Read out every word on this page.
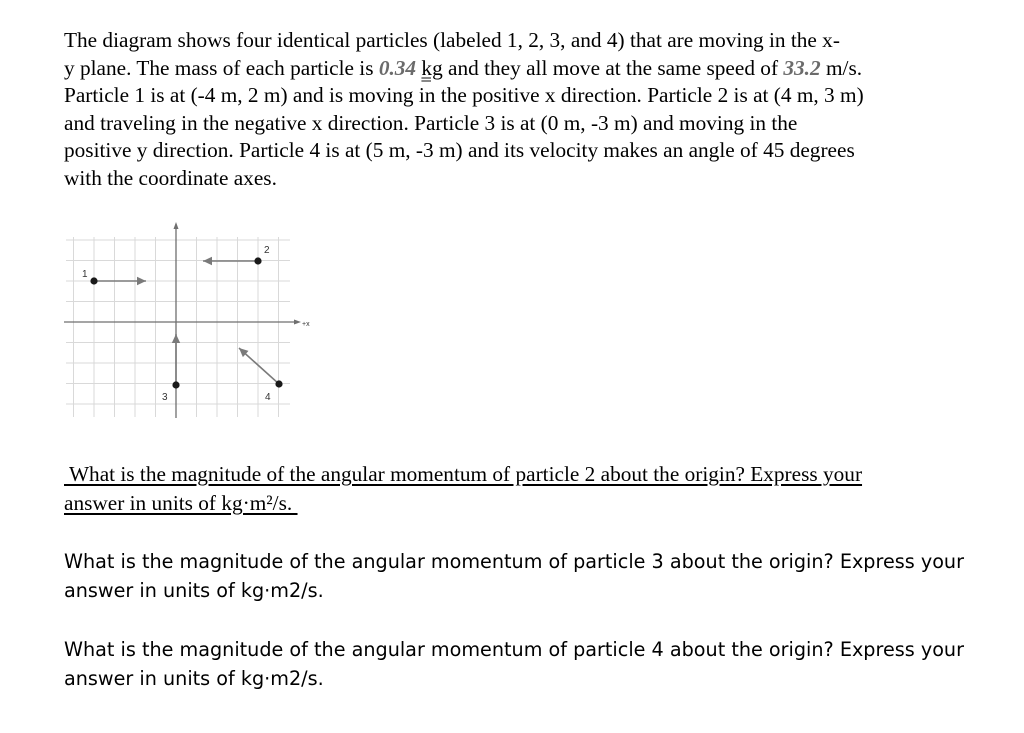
The diagram shows four identical particles (labeled 1, 2, 3, and 4) that are moving in the x-
y plane. The mass of each particle is 0.34 kg and they all move at the same speed of 33.2 m/s.
Particle 1 is at (-4 m, 2 m) and is moving in the positive x direction. Particle 2 is at (4 m, 3 m)
and traveling in the negative x direction. Particle 3 is at (0 m, -3 m) and moving in the
positive y direction. Particle 4 is at (5 m, -3 m) and its velocity makes an angle of 45 degrees
with the coordinate axes.
1
2
3	4
+x
What is the magnitude of the angular momentum of particle 2 about the origin? Express your
answer in units of kg·m²/s.
What is the magnitude of the angular momentum of particle 3 about the origin? Express your
answer in units of kg·m2/s.
What is the magnitude of the angular momentum of particle 4 about the origin? Express your
answer in units of kg·m2/s.
